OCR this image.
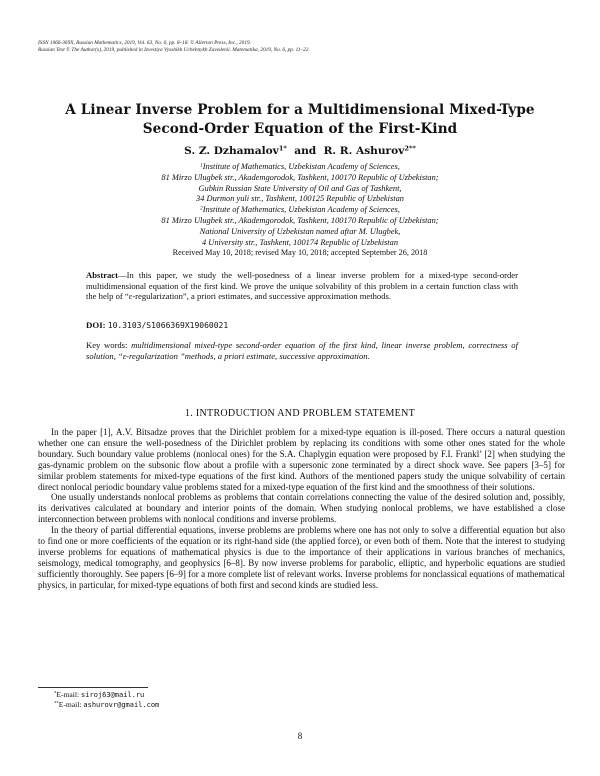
ISSN 1066-369X, Russian Mathematics, 2019, Vol. 63, No. 6, pp. 8–18. © Allerton Press, Inc., 2019.
Russian Text © The Author(s), 2019, published in Izvestiya Vysshikh Uchebnykh Zavedenii. Matematika, 2019, No. 6, pp. 11–22.
A Linear Inverse Problem for a Multidimensional Mixed-Type
Second-Order Equation of the First-Kind
S. Z. Dzhamalov$^{1*}$ and R. R. Ashurov$^{2**}$
$^1$Institute of Mathematics, Uzbekistan Academy of Sciences,
81 Mirzo Ulugbek str., Akademgorodok, Tashkent, 100170 Republic of Uzbekistan;
Gubkin Russian State University of Oil and Gas of Tashkent,
34 Durmon yuli str., Tashkent, 100125 Republic of Uzbekistan
$^2$Institute of Mathematics, Uzbekistan Academy of Sciences,
81 Mirzo Ulugbek str., Akademgorodok, Tashkent, 100170 Republic of Uzbekistan;
National University of Uzbekistan named aftar M. Ulugbek,
4 University str., Tashkent, 100174 Republic of Uzbekistan
Received May 10, 2018; revised May 10, 2018; accepted September 26, 2018
Abstract—In this paper, we study the well-posedness of a linear inverse problem for a mixed-type second-order multidimensional equation of the first kind. We prove the unique solvability of this problem in a certain function class with the help of “ε-regularization”, a priori estimates, and successive approximation methods.
DOI: 10.3103/S1066369X19060021
Key words: multidimensional mixed-type second-order equation of the first kind, linear inverse problem, correctness of solution, “ε-regularization ”methods, a priori estimate, successive approximation.
1. INTRODUCTION AND PROBLEM STATEMENT

In the paper [1], A.V. Bitsadze proves that the Dirichlet problem for a mixed-type equation is ill-posed. There occurs a natural question whether one can ensure the well-posedness of the Dirichlet problem by replacing its conditions with some other ones stated for the whole boundary. Such boundary value problems (nonlocal ones) for the S.A. Chaplygin equation were proposed by F.I. Frankl’ [2] when studying the gas-dynamic problem on the subsonic flow about a profile with a supersonic zone terminated by a direct shock wave. See papers [3–5] for similar problem statements for mixed-type equations of the first kind. Authors of the mentioned papers study the unique solvability of certain direct nonlocal periodic boundary value problems stated for a mixed-type equation of the first kind and the smoothness of their solutions.

One usually understands nonlocal problems as problems that contain correlations connecting the value of the desired solution and, possibly, its derivatives calculated at boundary and interior points of the domain. When studying nonlocal problems, we have established a close interconnection between problems with nonlocal conditions and inverse problems.

In the theory of partial differential equations, inverse problems are problems where one has not only to solve a differential equation but also to find one or more coefficients of the equation or its right-hand side (the applied force), or even both of them. Note that the interest to studying inverse problems for equations of mathematical physics is due to the importance of their applications in various branches of mechanics, seismology, medical tomography, and geophysics [6–8]. By now inverse problems for parabolic, elliptic, and hyperbolic equations are studied sufficiently thoroughly. See papers [6–9] for a more complete list of relevant works. Inverse problems for nonclassical equations of mathematical physics, in particular, for mixed-type equations of both first and second kinds are studied less.

*E-mail: siroj63@mail.ru
**E-mail: ashurovr@gmail.com
8
